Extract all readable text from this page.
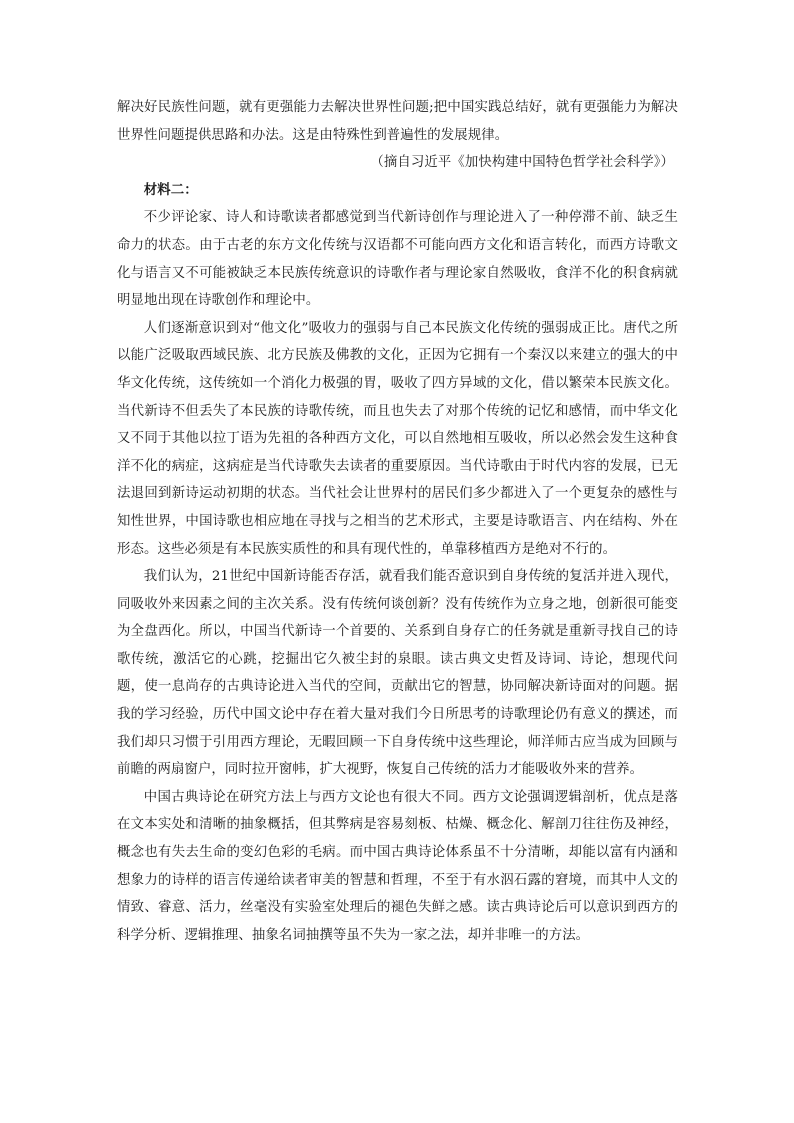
解决好民族性问题，就有更强能力去解决世界性问题;把中国实践总结好，就有更强能力为解决世界性问题提供思路和办法。这是由特殊性到普遍性的发展规律。

（摘自习近平《加快构建中国特色哲学社会科学》）

材料二：

不少评论家、诗人和诗歌读者都感觉到当代新诗创作与理论进入了一种停滞不前、缺乏生命力的状态。由于古老的东方文化传统与汉语都不可能向西方文化和语言转化，而西方诗歌文化与语言又不可能被缺乏本民族传统意识的诗歌作者与理论家自然吸收，食洋不化的积食病就明显地出现在诗歌创作和理论中。

人们逐渐意识到对“他文化”吸收力的强弱与自己本民族文化传统的强弱成正比。唐代之所以能广泛吸取西域民族、北方民族及佛教的文化，正因为它拥有一个秦汉以来建立的强大的中华文化传统，这传统如一个消化力极强的胃，吸收了四方异域的文化，借以繁荣本民族文化。当代新诗不但丢失了本民族的诗歌传统，而且也失去了对那个传统的记忆和感情，而中华文化又不同于其他以拉丁语为先祖的各种西方文化，可以自然地相互吸收，所以必然会发生这种食洋不化的病症，这病症是当代诗歌失去读者的重要原因。当代诗歌由于时代内容的发展，已无法退回到新诗运动初期的状态。当代社会让世界村的居民们多少都进入了一个更复杂的感性与知性世界，中国诗歌也相应地在寻找与之相当的艺术形式，主要是诗歌语言、内在结构、外在形态。这些必须是有本民族实质性的和具有现代性的，单靠移植西方是绝对不行的。

我们认为，21世纪中国新诗能否存活，就看我们能否意识到自身传统的复活并进入现代，同吸收外来因素之间的主次关系。没有传统何谈创新？没有传统作为立身之地，创新很可能变为全盘西化。所以，中国当代新诗一个首要的、关系到自身存亡的任务就是重新寻找自己的诗歌传统，激活它的心跳，挖掘出它久被尘封的泉眼。读古典文史哲及诗词、诗论，想现代问题，使一息尚存的古典诗论进入当代的空间，贡献出它的智慧，协同解决新诗面对的问题。据我的学习经验，历代中国文论中存在着大量对我们今日所思考的诗歌理论仍有意义的撰述，而我们却只习惯于引用西方理论，无暇回顾一下自身传统中这些理论，师洋师古应当成为回顾与前瞻的两扇窗户，同时拉开窗帏，扩大视野，恢复自己传统的活力才能吸收外来的营养。

中国古典诗论在研究方法上与西方文论也有很大不同。西方文论强调逻辑剖析，优点是落在文本实处和清晰的抽象概括，但其弊病是容易刻板、枯燥、概念化、解剖刀往往伤及神经，概念也有失去生命的变幻色彩的毛病。而中国古典诗论体系虽不十分清晰，却能以富有内涵和想象力的诗样的语言传递给读者审美的智慧和哲理，不至于有水泅石露的窘境，而其中人文的情致、睿意、活力，丝毫没有实验室处理后的褪色失鲜之感。读古典诗论后可以意识到西方的科学分析、逻辑推理、抽象名词抽撰等虽不失为一家之法，却并非唯一的方法。
